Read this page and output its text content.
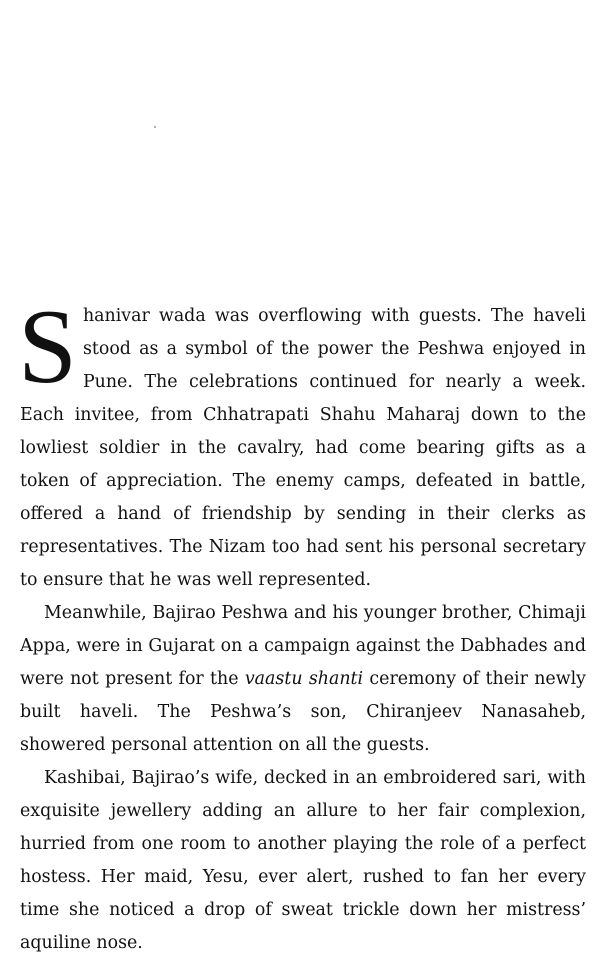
Shanivar wada was overflowing with guests. The haveli stood as a symbol of the power the Peshwa enjoyed in Pune. The celebrations continued for nearly a week. Each invitee, from Chhatrapati Shahu Maharaj down to the lowliest soldier in the cavalry, had come bearing gifts as a token of appreciation. The enemy camps, defeated in battle, offered a hand of friendship by sending in their clerks as representatives. The Nizam too had sent his personal secretary to ensure that he was well represented.

Meanwhile, Bajirao Peshwa and his younger brother, Chimaji Appa, were in Gujarat on a campaign against the Dabhades and were not present for the vaastu shanti ceremony of their newly built haveli. The Peshwa’s son, Chiranjeev Nanasaheb, showered personal attention on all the guests.

Kashibai, Bajirao’s wife, decked in an embroidered sari, with exquisite jewellery adding an allure to her fair complexion, hurried from one room to another playing the role of a perfect hostess. Her maid, Yesu, ever alert, rushed to fan her every time she noticed a drop of sweat trickle down her mistress’ aquiline nose.
